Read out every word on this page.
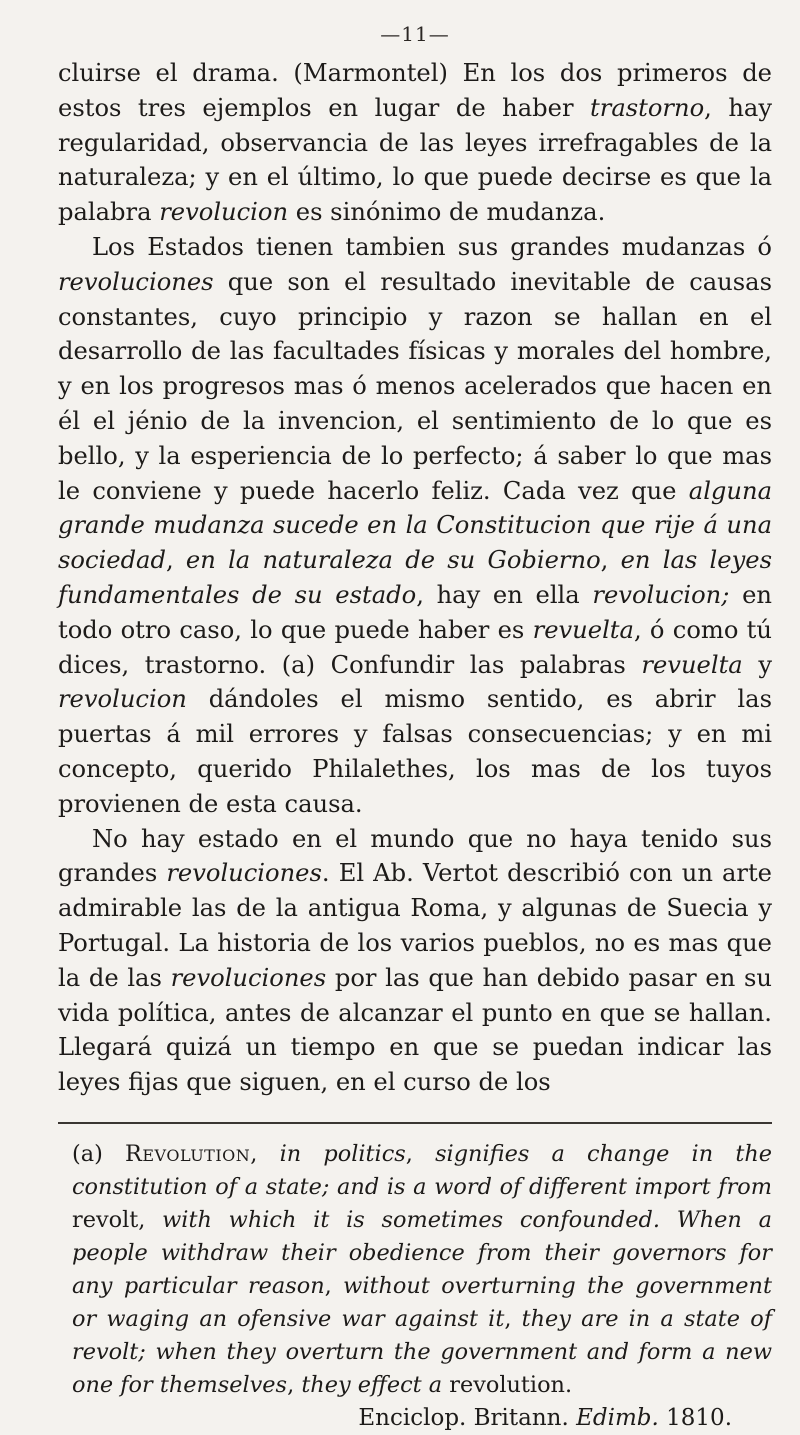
—11—

cluirse el drama. (Marmontel) En los dos primeros de estos tres ejemplos en lugar de haber trastorno, hay regularidad, observancia de las leyes irrefragables de la naturaleza; y en el último, lo que puede decirse es que la palabra revolucion es sinónimo de mudanza.

Los Estados tienen tambien sus grandes mudanzas ó revoluciones que son el resultado inevitable de causas constantes, cuyo principio y razon se hallan en el desarrollo de las facultades físicas y morales del hombre, y en los progresos mas ó menos acelerados que hacen en él el jénio de la invencion, el sentimiento de lo que es bello, y la esperiencia de lo perfecto; á saber lo que mas le conviene y puede hacerlo feliz. Cada vez que alguna grande mudanza sucede en la Constitucion que rije á una sociedad, en la naturaleza de su Gobierno, en las leyes fundamentales de su estado, hay en ella revolucion; en todo otro caso, lo que puede haber es revuelta, ó como tú dices, trastorno. (a) Confundir las palabras revuelta y revolucion dándoles el mismo sentido, es abrir las puertas á mil errores y falsas consecuencias; y en mi concepto, querido Philalethes, los mas de los tuyos provienen de esta causa.

No hay estado en el mundo que no haya tenido sus grandes revoluciones. El Ab. Vertot describió con un arte admirable las de la antigua Roma, y algunas de Suecia y Portugal. La historia de los varios pueblos, no es mas que la de las revoluciones por las que han debido pasar en su vida política, antes de alcanzar el punto en que se hallan. Llegará quizá un tiempo en que se puedan indicar las leyes fijas que siguen, en el curso de los

(a) Revolution, in politics, signifies a change in the constitution of a state; and is a word of different import from revolt, with which it is sometimes confounded. When a people withdraw their obedience from their governors for any particular reason, without overturning the government or waging an ofensive war against it, they are in a state of revolt; when they overturn the government and form a new one for themselves, they effect a revolution.

Enciclop. Britann. Edimb. 1810.
